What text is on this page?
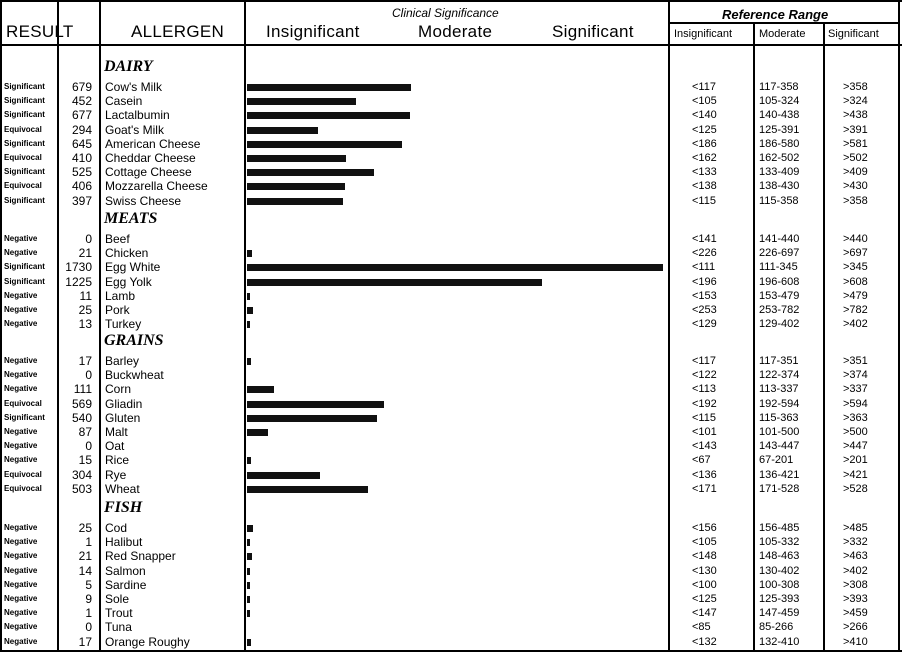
RESULT	ALLERGEN
Clinical Significance
Insignificant	Moderate	Significant
Reference Range
Insignificant Moderate Significant
DAIRY
Significant	679 Cow's Milk	<117	117-358	>358
Significant	452 Casein	<105	105-324	>324
Significant	677 Lactalbumin	<140	140-438	>438
Equivocal	294 Goat's Milk	<125	125-391	>391
Significant	645 American Cheese	<186	186-580	>581
Equivocal	410 Cheddar Cheese	<162	162-502	>502
Significant	525 Cottage Cheese	<133	133-409	>409
Equivocal	406 Mozzarella Cheese	<138	138-430	>430
Significant	397 Swiss Cheese	<115	115-358	>358
MEATS
Negative	0 Beef	<141	141-440	>440
Negative	21 Chicken	<226	226-697	>697
Significant	1730 Egg White	<111	111-345	>345
Significant	1225 Egg Yolk	<196	196-608	>608
Negative	11 Lamb	<153	153-479	>479
Negative	25 Pork	<253	253-782	>782
Negative	13 Turkey	<129	129-402	>402
GRAINS
Negative	17 Barley	<117	117-351	>351
Negative	0 Buckwheat	<122	122-374	>374
Negative	111 Corn	<113	113-337	>337
Equivocal	569 Gliadin	<192	192-594	>594
Significant	540 Gluten	<115	115-363	>363
Negative	87 Malt	<101	101-500	>500
Negative	0 Oat	<143	143-447	>447
Negative	15 Rice	<67	67-201	>201
Equivocal	304 Rye	<136	136-421	>421
Equivocal	503 Wheat	<171	171-528	>528
FISH
Negative	25 Cod	<156	156-485	>485
Negative	1 Halibut	<105	105-332	>332
Negative	21 Red Snapper	<148	148-463	>463
Negative	14 Salmon	<130	130-402	>402
Negative	5 Sardine	<100	100-308	>308
Negative	9 Sole	<125	125-393	>393
Negative	1 Trout	<147	147-459	>459
Negative	0 Tuna	<85	85-266	>266
Negative	17 Orange Roughy	<132	132-410	>410
